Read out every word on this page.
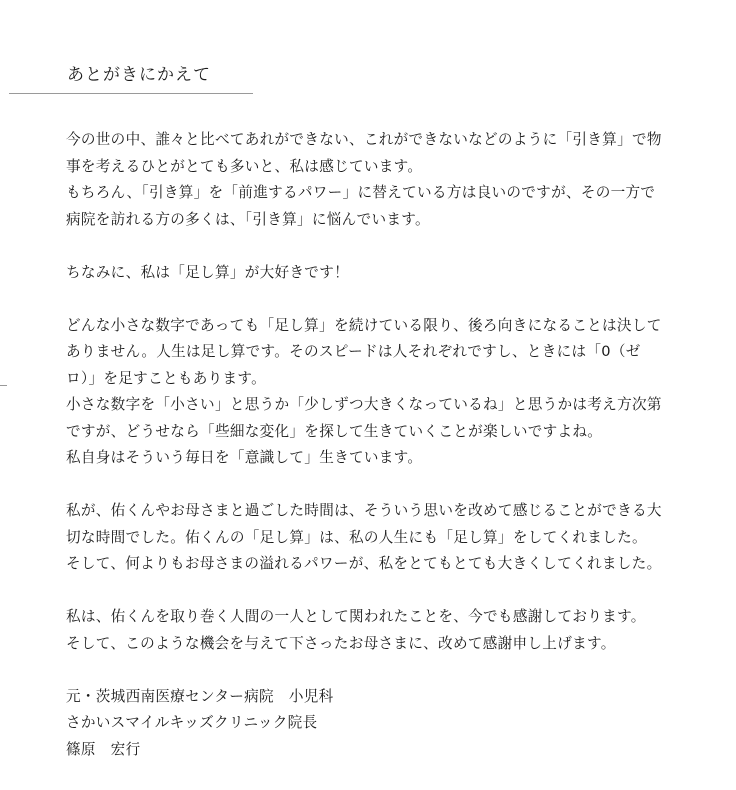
あとがきにかえて
今の世の中、誰々と比べてあれができない、これができないなどのように「引き算」で物
事を考えるひとがとても多いと、私は感じています。
もちろん、「引き算」を「前進するパワー」に替えている方は良いのですが、その一方で
病院を訪れる方の多くは、「引き算」に悩んでいます。
ちなみに、私は「足し算」が大好きです！
どんな小さな数字であっても「足し算」を続けている限り、後ろ向きになることは決して
ありません。人生は足し算です。そのスピードは人それぞれですし、ときには「0（ゼ
ロ）」を足すこともあります。
小さな数字を「小さい」と思うか「少しずつ大きくなっているね」と思うかは考え方次第
ですが、どうせなら「些細な変化」を探して生きていくことが楽しいですよね。
私自身はそういう毎日を「意識して」生きています。
私が、佑くんやお母さまと過ごした時間は、そういう思いを改めて感じることができる大
切な時間でした。佑くんの「足し算」は、私の人生にも「足し算」をしてくれました。
そして、何よりもお母さまの溢れるパワーが、私をとてもとても大きくしてくれました。
私は、佑くんを取り巻く人間の一人として関われたことを、今でも感謝しております。
そして、このような機会を与えて下さったお母さまに、改めて感謝申し上げます。
元・茨城西南医療センター病院　小児科
さかいスマイルキッズクリニック院長
篠原　宏行
